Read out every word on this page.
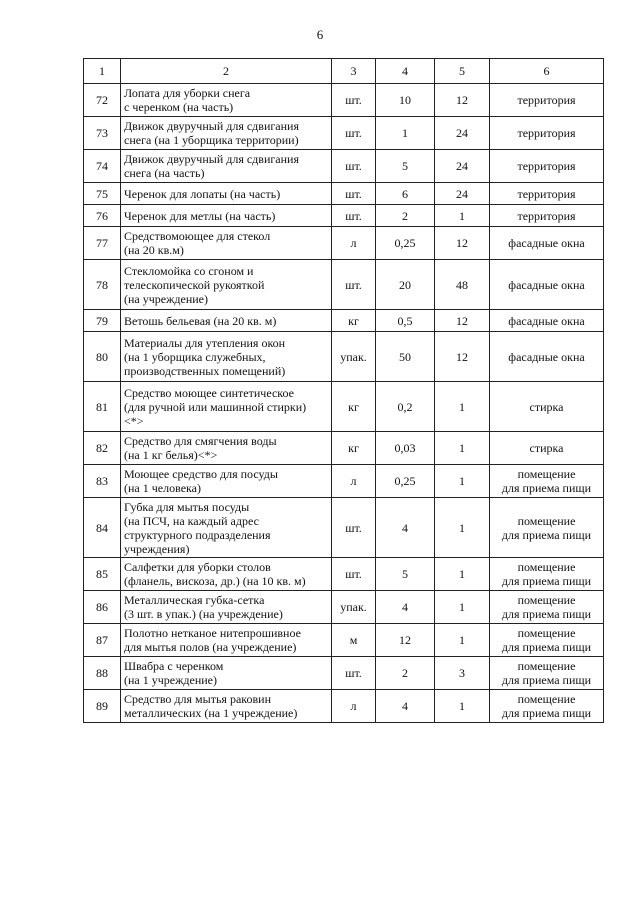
6
1	2	3	4	5	6
72	Лопата для уборки снега
с черенком (на часть)	шт.	10	12	территория
73	Движок двуручный для сдвигания
снега (на 1 уборщика территории)	шт.	1	24	территория
74	Движок двуручный для сдвигания
снега (на часть)	шт.	5	24	территория
75	Черенок для лопаты (на часть)	шт.	6	24	территория
76	Черенок для метлы (на часть)	шт.	2	1	территория
77	Средствомоющее для стекол
(на 20 кв.м)	л	0,25	12	фасадные окна
78	Стекломойка со сгоном и
телескопической рукояткой
(на учреждение)	шт.	20	48	фасадные окна
79	Ветошь бельевая (на 20 кв. м)	кг	0,5	12	фасадные окна
80	Материалы для утепления окон
(на 1 уборщика служебных,
производственных помещений)	упак.	50	12	фасадные окна
81	Средство моющее синтетическое
(для ручной или машинной стирки)
<*>	кг	0,2	1	стирка
82	Средство для смягчения воды
(на 1 кг белья)<*>	кг	0,03	1	стирка
83	Моющее средство для посуды
(на 1 человека)	л	0,25	1	помещение
для приема пищи
84	Губка для мытья посуды
(на ПСЧ, на каждый адрес
структурного подразделения
учреждения)	шт.	4	1	помещение
для приема пищи
85	Салфетки для уборки столов
(фланель, вискоза, др.) (на 10 кв. м)	шт.	5	1	помещение
для приема пищи
86	Металлическая губка-сетка
(3 шт. в упак.) (на учреждение)	упак.	4	1	помещение
для приема пищи
87	Полотно нетканое нитепрошивное
для мытья полов (на учреждение)	м	12	1	помещение
для приема пищи
88	Швабра с черенком
(на 1 учреждение)	шт.	2	3	помещение
для приема пищи
89	Средство для мытья раковин
металлических (на 1 учреждение)	л	4	1	помещение
для приема пищи
